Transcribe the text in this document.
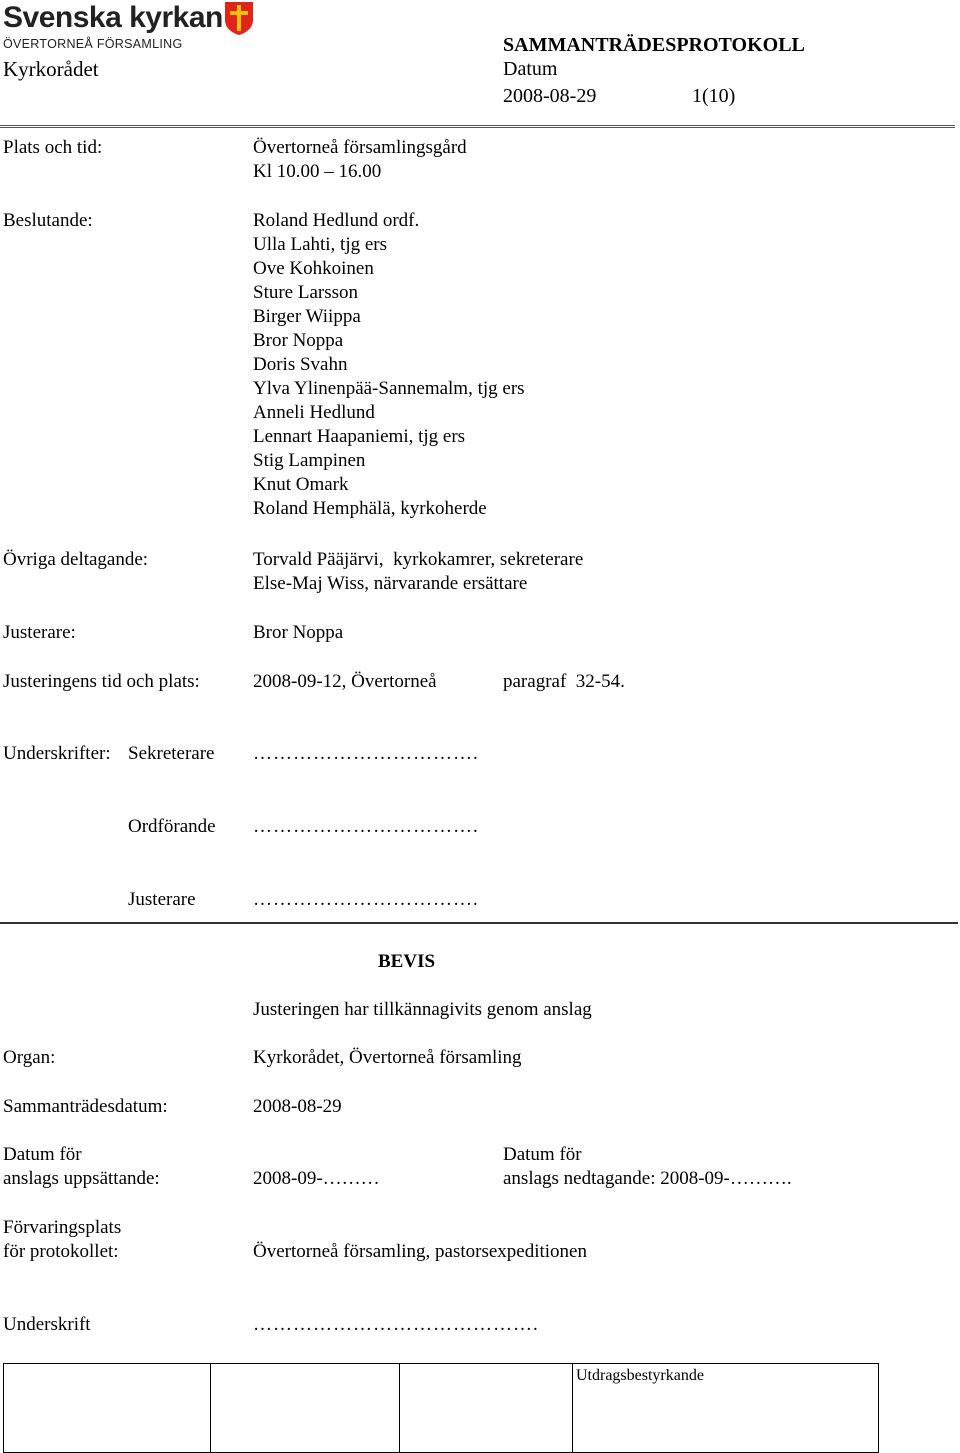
Svenska kyrkan
ÖVERTORNEÅ FÖRSAMLING
Kyrkorådet
SAMMANTRÄDESPROTOKOLL
Datum
2008-08-29	1(10)
Plats och tid:	Övertorneå församlingsgård
Kl 10.00 – 16.00
Beslutande:	Roland Hedlund ordf.
Ulla Lahti, tjg ers
Ove Kohkoinen
Sture Larsson
Birger Wiippa
Bror Noppa
Doris Svahn
Ylva Ylinenpää-Sannemalm, tjg ers
Anneli Hedlund
Lennart Haapaniemi, tjg ers
Stig Lampinen
Knut Omark
Roland Hemphälä, kyrkoherde
Övriga deltagande:	Torvald Pääjärvi,  kyrkokamrer, sekreterare
Else-Maj Wiss, närvarande ersättare
Justerare:	Bror Noppa
Justeringens tid och plats:	2008-09-12, Övertorneå	paragraf  32-54.
Underskrifter: Sekreterare …………………………….
Ordförande …………………………….
Justerare	…………………………….
BEVIS
Justeringen har tillkännagivits genom anslag
Organ:	Kyrkorådet, Övertorneå församling
Sammanträdesdatum:	2008-08-29
Datum för
anslags uppsättande:	2008-09-………
Datum för
anslags nedtagande: 2008-09-……….
Förvaringsplats
för protokollet:	Övertorneå församling, pastorsexpeditionen
Underskrift	…………………………………….

Utdragsbestyrkande
